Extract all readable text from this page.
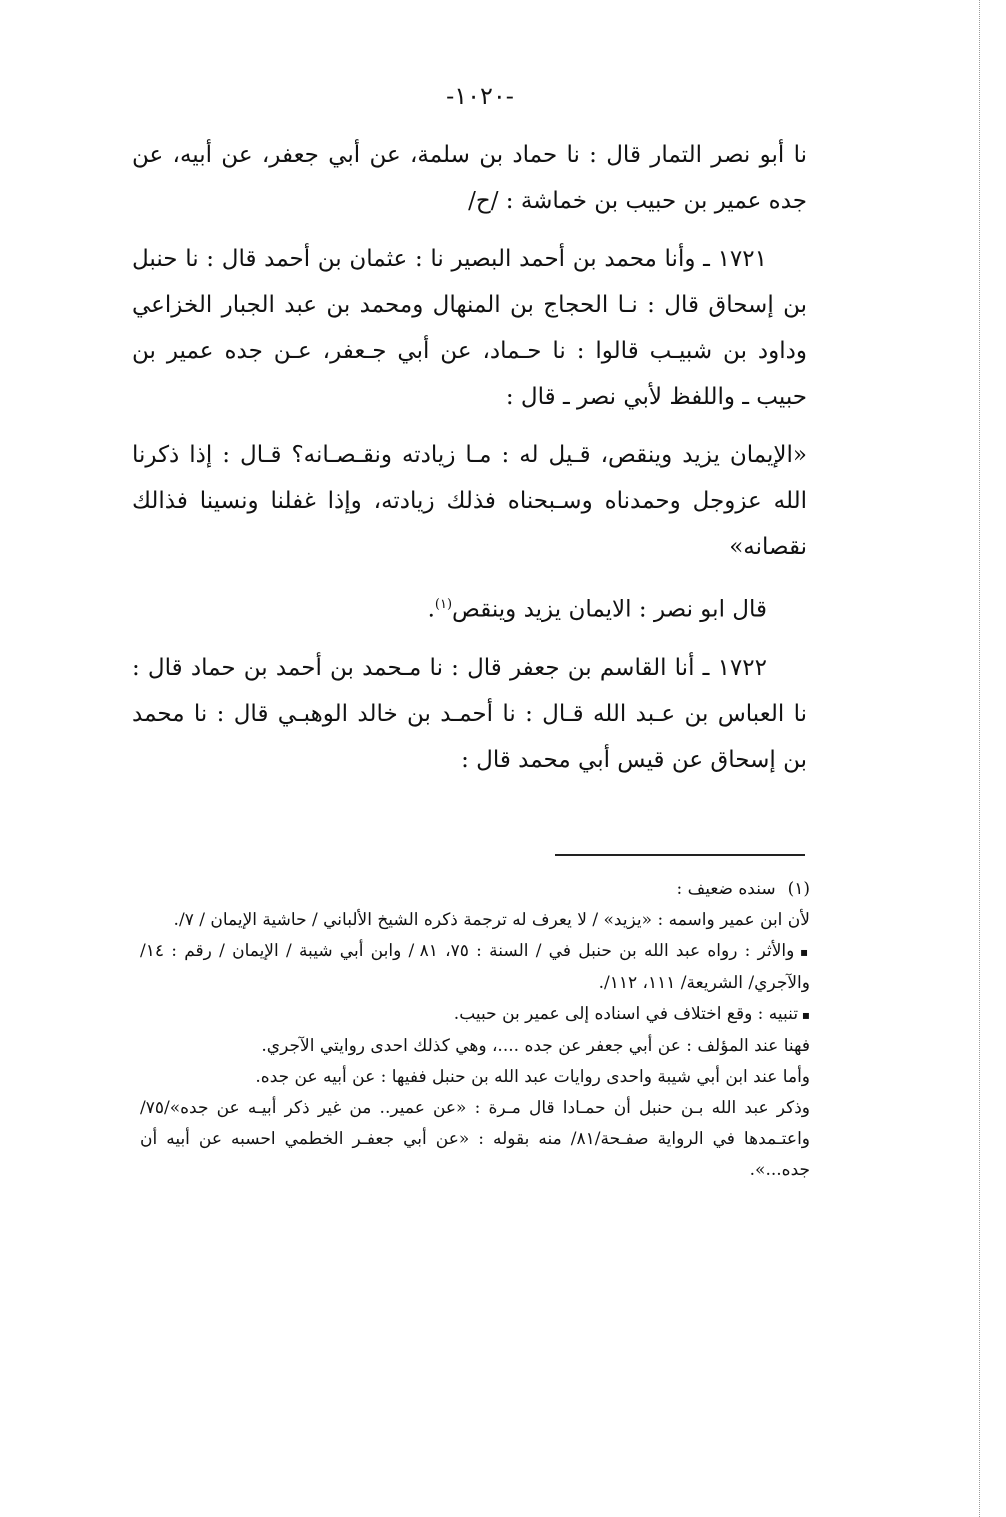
-١٠٢٠-

نا أبو نصر التمار قال : نا حماد بن سلمة، عن أبي جعفر، عن أبيه، عن جده عمير بن حبيب بن خماشة : /ح/

١٧٢١ ـ وأنا محمد بن أحمد البصير نا : عثمان بن أحمد قال : نا حنبل بن إسحاق قال : نـا الحجاج بن المنهال ومحمد بن عبد الجبار الخزاعي وداود بن شبيـب قالوا : نا حـماد، عن أبي جـعفر، عـن جده عمير بن حبيب ـ واللفظ لأبي نصر ـ قال :

«الإيمان يزيد وينقص، قـيل له : مـا زيادته ونقـصـانه؟ قـال : إذا ذكرنا الله عزوجل وحمدناه وسـبحناه فذلك زيادته، وإذا غفلنا ونسينا فذالك نقصانه»

قال ابو نصر : الايمان يزيد وينقص$^{(١)}$.

١٧٢٢ ـ أنا القاسم بن جعفر قال : نا مـحمد بن أحمد بن حماد قال : نا العباس بن عـبد الله قـال : نا أحمـد بن خالد الوهبـي قال : نا محمد بن إسحاق عن قيس أبي محمد قال :

(١)
سنده ضعيف :

لأن ابن عمير واسمه : «يزيد» / لا يعرف له ترجمة ذكره الشيخ الألباني / حاشية الإيمان / ٧/.

▪ والأثر : رواه عبد الله بن حنبل في / السنة : ٧٥، ٨١ / وابن أبي شيبة / الإيمان / رقم : ١٤/ والآجري/ الشريعة/ ١١١، ١١٢/.

▪ تنبيه : وقع اختلاف في اسناده إلى عمير بن حبيب.

فهنا عند المؤلف : عن أبي جعفر عن جده ....، وهي كذلك احدى روايتي الآجري.

وأما عند ابن أبي شيبة واحدى روايات عبد الله بن حنبل ففيها : عن أبيه عن جده.

وذكر عبد الله بـن حنبل أن حمـادا قال مـرة : «عن عمير.. من غير ذكر أبيـه عن جده»/٧٥/ واعتـمدها في الرواية صفـحة/٨١/ منه بقوله : «عن أبي جعفـر الخطمي احسبه عن أبيه أن جده...».
